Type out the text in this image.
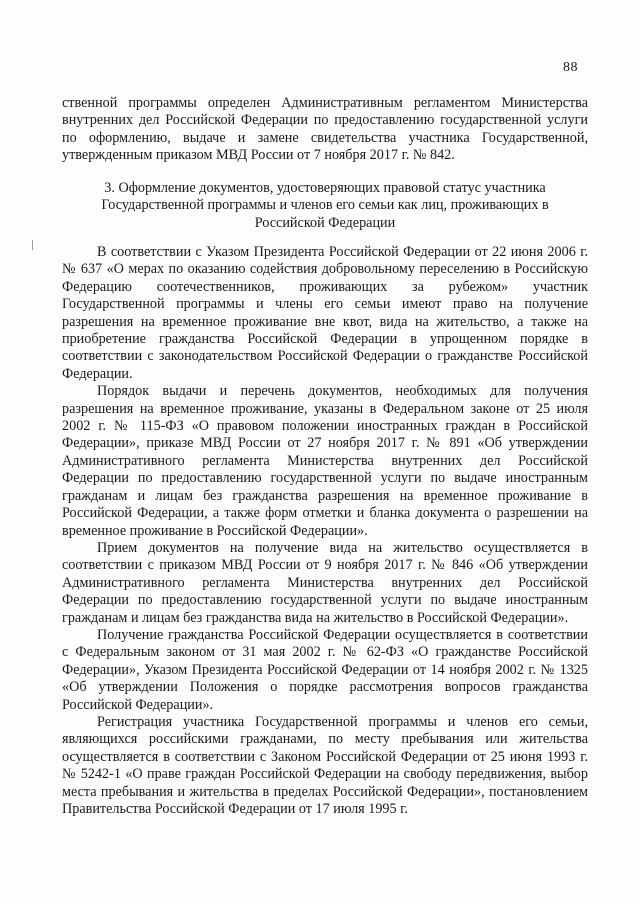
88

ственной программы определен Административным регламентом Министерства внутренних дел Российской Федерации по предоставлению государственной услуги по оформлению, выдаче и замене свидетельства участника Государственной, утвержденным приказом МВД России от 7 ноября 2017 г. № 842.

3. Оформление документов, удостоверяющих правовой статус участника Государственной программы и членов его семьи как лиц, проживающих в Российской Федерации

В соответствии с Указом Президента Российской Федерации от 22 июня 2006 г. № 637 «О мерах по оказанию содействия добровольному переселению в Российскую Федерацию соотечественников, проживающих за рубежом» участник Государственной программы и члены его семьи имеют право на получение разрешения на временное проживание вне квот, вида на жительство, а также на приобретение гражданства Российской Федерации в упрощенном порядке в соответствии с законодательством Российской Федерации о гражданстве Российской Федерации.

Порядок выдачи и перечень документов, необходимых для получения разрешения на временное проживание, указаны в Федеральном законе от 25 июля 2002 г. № 115-ФЗ «О правовом положении иностранных граждан в Российской Федерации», приказе МВД России от 27 ноября 2017 г. № 891 «Об утверждении Административного регламента Министерства внутренних дел Российской Федерации по предоставлению государственной услуги по выдаче иностранным гражданам и лицам без гражданства разрешения на временное проживание в Российской Федерации, а также форм отметки и бланка документа о разрешении на временное проживание в Российской Федерации».

Прием документов на получение вида на жительство осуществляется в соответствии с приказом МВД России от 9 ноября 2017 г. № 846 «Об утверждении Административного регламента Министерства внутренних дел Российской Федерации по предоставлению государственной услуги по выдаче иностранным гражданам и лицам без гражданства вида на жительство в Российской Федерации».

Получение гражданства Российской Федерации осуществляется в соответствии с Федеральным законом от 31 мая 2002 г. № 62-ФЗ «О гражданстве Российской Федерации», Указом Президента Российской Федерации от 14 ноября 2002 г. № 1325 «Об утверждении Положения о порядке рассмотрения вопросов гражданства Российской Федерации».

Регистрация участника Государственной программы и членов его семьи, являющихся российскими гражданами, по месту пребывания или жительства осуществляется в соответствии с Законом Российской Федерации от 25 июня 1993 г. № 5242-1 «О праве граждан Российской Федерации на свободу передвижения, выбор места пребывания и жительства в пределах Российской Федерации», постановлением Правительства Российской Федерации от 17 июля 1995 г.
